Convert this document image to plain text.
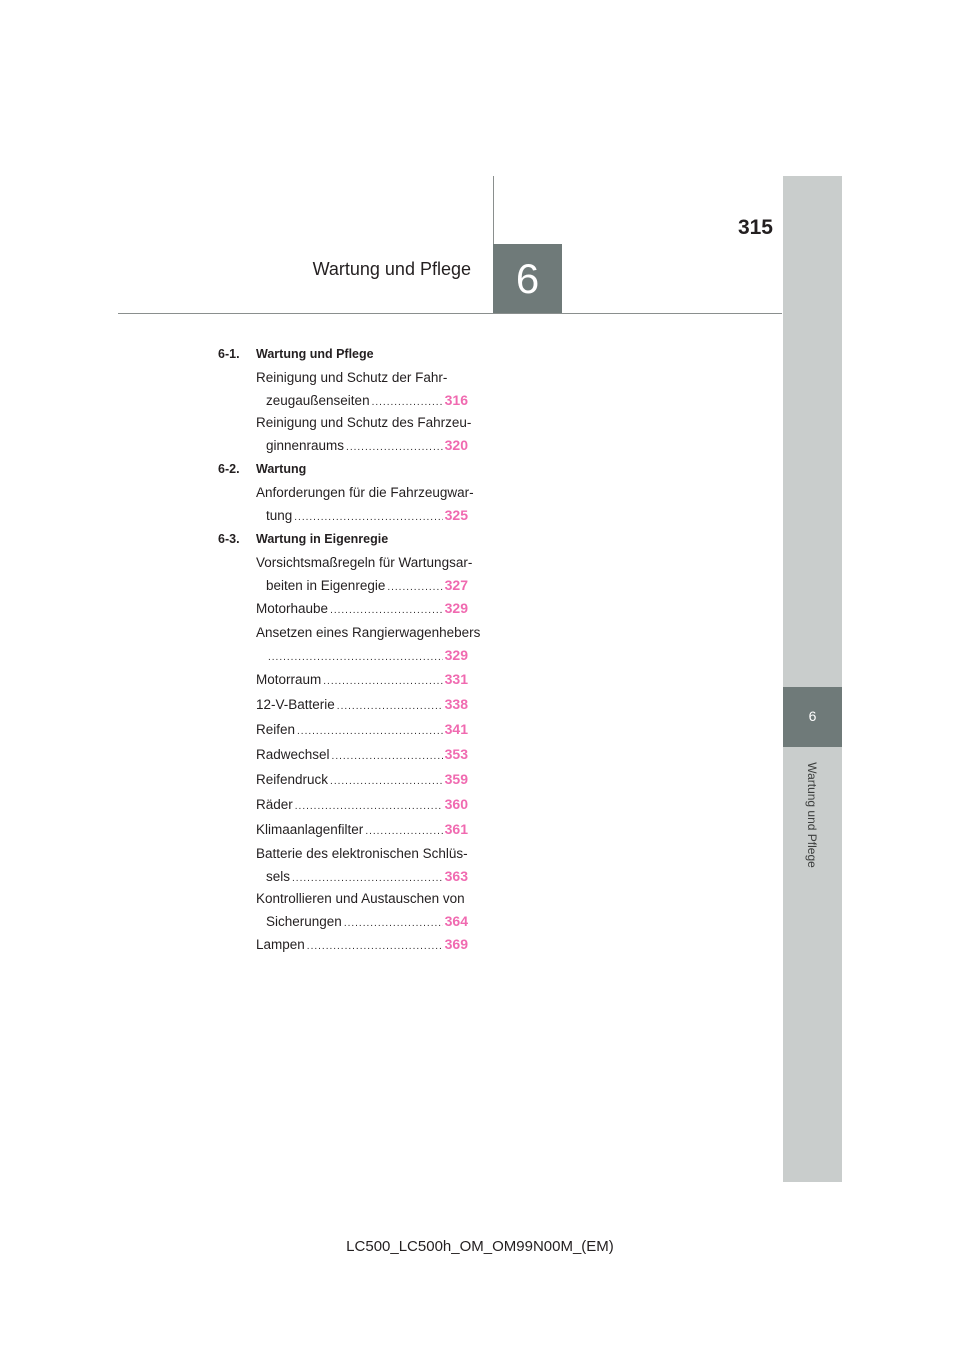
6
Wartung und Pflege
315
6
Wartung und Pflege
6-1. Wartung und Pflege
Reinigung und Schutz der Fahr-
zeugaußenseiten .....	316
Reinigung und Schutz des Fahrzeu-
ginnenraums .....	320
6-2. Wartung
Anforderungen für die Fahrzeugwar-
tung .....	325
6-3. Wartung in Eigenregie
Vorsichtsmaßregeln für Wartungsar-
beiten in Eigenregie .....	327
Motorhaube .....	329
Ansetzen eines Rangierwagenhebers
.....
329
Motorraum .....	331
12-V-Batterie .....	338
Reifen .....	341
Radwechsel .....	353
Reifendruck .....	359
Räder .....	360
Klimaanlagenfilter .....	361
Batterie des elektronischen Schlüs-
sels .....	363
Kontrollieren und Austauschen von
Sicherungen .....	364
Lampen .....	369
LC500_LC500h_OM_OM99N00M_(EM)
